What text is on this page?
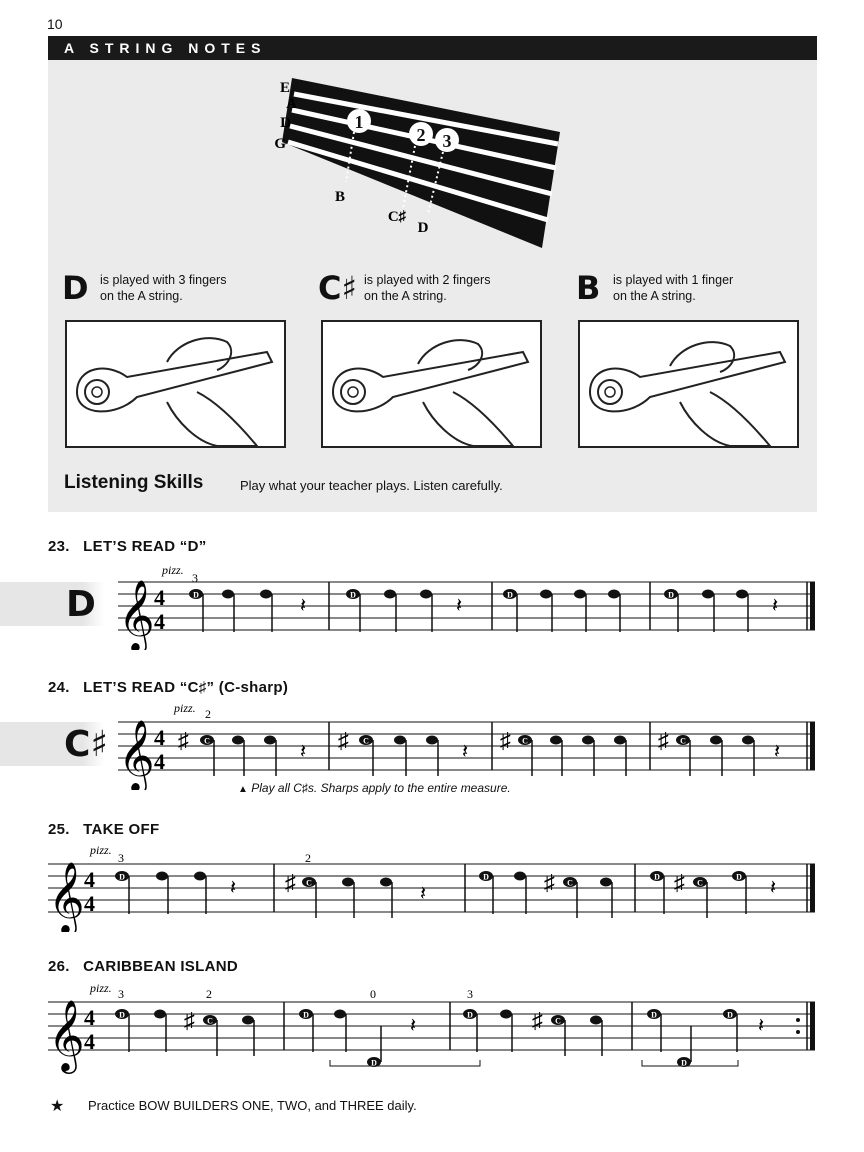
10
A STRING NOTES
E
A
D
G
1
2 3
B
C♯
D
D is played with 3 fingers
on the A string.	C♯ is played with 2 fingers
on the A string.	B is played with 1 finger
on the A string.
Listening Skills	Play what your teacher plays. Listen carefully.
23. LET’S READ “D”
24. LET’S READ “C♯” (C-sharp)
25. TAKE OFF
26. CARIBBEAN ISLAND
D
C♯
▲ Play all C♯s. Sharps apply to the entire measure.
𝄞 4
4
pizz.
3
D	𝄽	D	𝄽	D	D	𝄽
𝄞 4
4
pizz. 2
♯ C	𝄽 ♯ C	𝄽 ♯ C	♯ C	𝄽
𝄞 4
4
pizz.
3	2
D	𝄽 ♯ C	𝄽
D	♯ C
D ♯ C
D 𝄽
𝄞 4
4
pizz. 3	2	0	3
D	♯ C
D
D
𝄽	D	♯ C
D
D
D 𝄽
★ Practice BOW BUILDERS ONE, TWO, and THREE daily.
